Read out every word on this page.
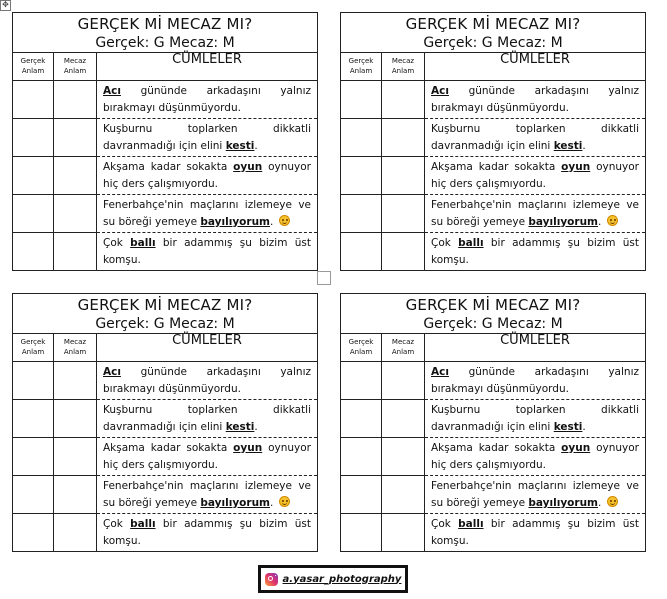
✥
GERÇEK Mİ MECAZ MI?
Gerçek: G Mecaz: M
Gerçek Anlam
Mecaz Anlam
CÜMLELER
Acı gününde arkadaşını yalnız bırakmayı düşünmüyordu.
Kuşburnu toplarken dikkatli davranmadığı için elini kesti.
Akşama kadar sokakta oyun oynuyor hiç ders çalışmıyordu.
Fenerbahçe'nin maçlarını izlemeye ve su böreği yemeye bayılıyorum.
Çok ballı bir adammış şu bizim üst komşu.
GERÇEK Mİ MECAZ MI?
Gerçek: G Mecaz: M
Gerçek Anlam
Mecaz Anlam
CÜMLELER
Acı gününde arkadaşını yalnız bırakmayı düşünmüyordu.
Kuşburnu toplarken dikkatli davranmadığı için elini kesti.
Akşama kadar sokakta oyun oynuyor hiç ders çalışmıyordu.
Fenerbahçe'nin maçlarını izlemeye ve su böreği yemeye bayılıyorum.
Çok ballı bir adammış şu bizim üst komşu.
GERÇEK Mİ MECAZ MI?
Gerçek: G Mecaz: M
Gerçek Anlam
Mecaz Anlam
CÜMLELER
Acı gününde arkadaşını yalnız bırakmayı düşünmüyordu.
Kuşburnu toplarken dikkatli davranmadığı için elini kesti.
Akşama kadar sokakta oyun oynuyor hiç ders çalışmıyordu.
Fenerbahçe'nin maçlarını izlemeye ve su böreği yemeye bayılıyorum.
Çok ballı bir adammış şu bizim üst komşu.
GERÇEK Mİ MECAZ MI?
Gerçek: G Mecaz: M
Gerçek Anlam
Mecaz Anlam
CÜMLELER
Acı gününde arkadaşını yalnız bırakmayı düşünmüyordu.
Kuşburnu toplarken dikkatli davranmadığı için elini kesti.
Akşama kadar sokakta oyun oynuyor hiç ders çalışmıyordu.
Fenerbahçe'nin maçlarını izlemeye ve su böreği yemeye bayılıyorum.
Çok ballı bir adammış şu bizim üst komşu.
a.yasar_photography
